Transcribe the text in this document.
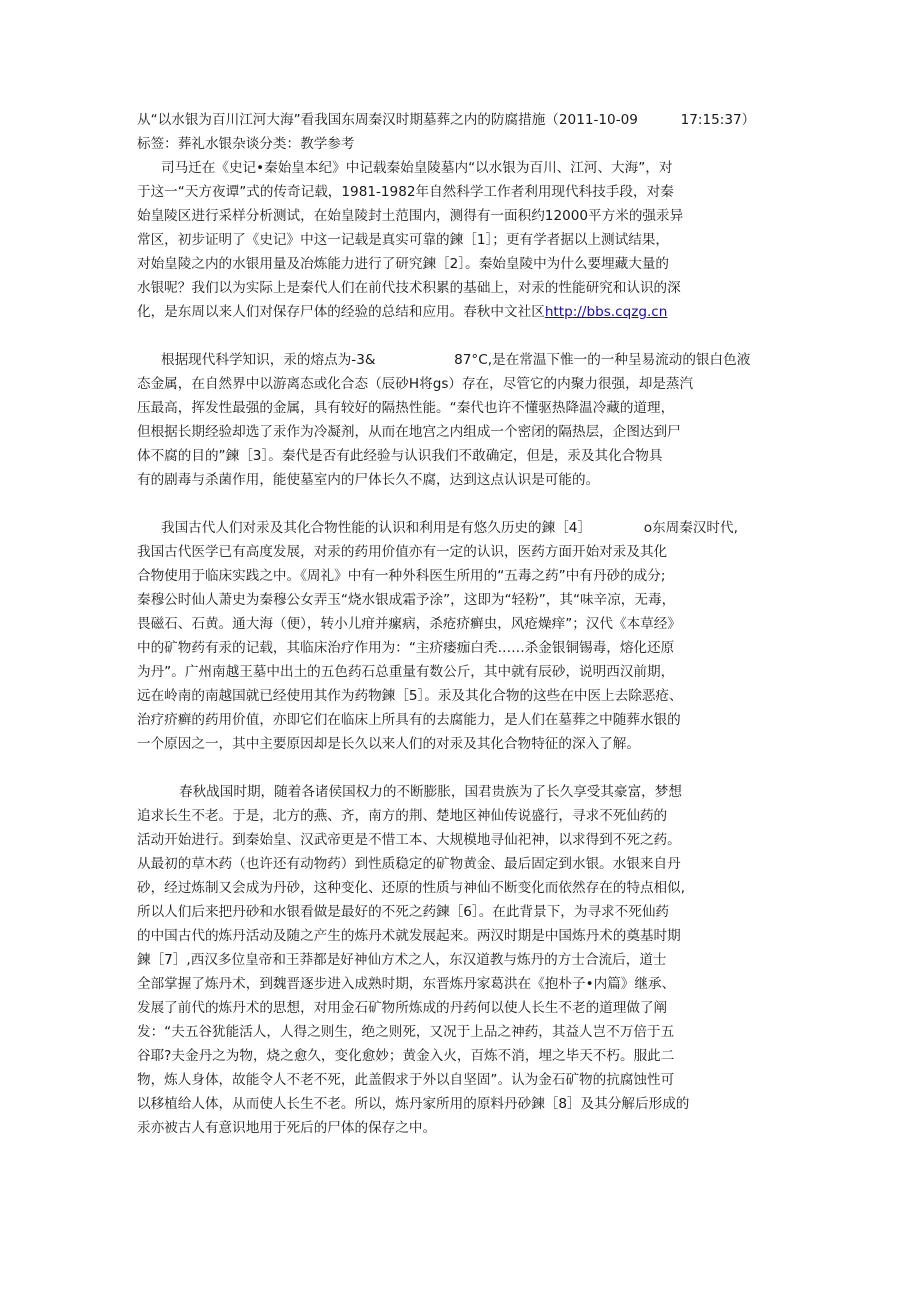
从“以水银为百川江河大海”看我国东周秦汉时期墓葬之内的防腐措施（2011-10-09	17:15:37）
标签：葬礼水银杂谈分类：教学参考
司马迁在《史记•秦始皇本纪》中记载秦始皇陵墓内“以水银为百川、江河、大海”，对
于这一“天方夜谭”式的传奇记载，1981-1982年自然科学工作者利用现代科技手段，对秦
始皇陵区进行采样分析测试，在始皇陵封土范围内，测得有一面积约12000平方米的强汞异
常区，初步证明了《史记》中这一记载是真实可靠的鍊［1］；更有学者据以上测试结果，
对始皇陵之内的水银用量及冶炼能力进行了研究鍊［2］。秦始皇陵中为什么要埋藏大量的
水银呢？我们以为实际上是秦代人们在前代技术积累的基础上，对汞的性能研究和认识的深
化，是东周以来人们对保存尸体的经验的总结和应用。春秋中文社区http://bbs.cqzg.cn
根据现代科学知识，汞的熔点为-3&	87°C,是在常温下惟一的一种呈易流动的银白色液
态金属，在自然界中以游离态或化合态（辰砂H将gs）存在，尽管它的内聚力很强，却是蒸汽
压最高，挥发性最强的金属，具有较好的隔热性能。“秦代也许不懂驱热降温冷藏的道理，
但根据长期经验却选了汞作为冷凝剂，从而在地宫之内组成一个密闭的隔热层，企图达到尸
体不腐的目的”鍊［3］。秦代是否有此经验与认识我们不敢确定，但是，汞及其化合物具
有的剧毒与杀菌作用，能使墓室内的尸体长久不腐，达到这点认识是可能的。
我国古代人们对汞及其化合物性能的认识和利用是有悠久历史的鍊［4］	o东周秦汉时代,
我国古代医学已有高度发展，对汞的药用价值亦有一定的认识，医药方面开始对汞及其化
合物使用于临床实践之中。《周礼》中有一种外科医生所用的“五毒之药”中有丹砂的成分;
秦穆公时仙人萧史为秦穆公女弄玉“烧水银成霜予涂”，这即为“轻粉”，其“味辛凉，无毒，
畏磁石、石黄。通大海（便），转小儿疳并瘰病，杀疮疥癣虫，风疮燥痒”；汉代《本草经》
中的矿物药有汞的记载，其临床治疗作用为：“主疥瘘痂白秃……杀金银铜锡毒，熔化还原
为丹”。广州南越王墓中出土的五色药石总重量有数公斤，其中就有辰砂，说明西汉前期，
远在岭南的南越国就已经使用其作为药物鍊［5］。汞及其化合物的这些在中医上去除恶疮、
治疗疥癣的药用价值，亦即它们在临床上所具有的去腐能力，是人们在墓葬之中随葬水银的
一个原因之一，其中主要原因却是长久以来人们的对汞及其化合物特征的深入了解。
春秋战国时期，随着各诸侯国权力的不断膨胀，国君贵族为了长久享受其豪富，梦想
追求长生不老。于是，北方的燕、齐，南方的荆、楚地区神仙传说盛行，寻求不死仙药的
活动开始进行。到秦始皇、汉武帝更是不惜工本、大规模地寻仙祀神，以求得到不死之药。
从最初的草木药（也许还有动物药）到性质稳定的矿物黄金、最后固定到水银。水银来自丹
砂，经过炼制又会成为丹砂，这种变化、还原的性质与神仙不断变化而依然存在的特点相似,
所以人们后来把丹砂和水银看做是最好的不死之药鍊［6］。在此背景下，为寻求不死仙药
的中国古代的炼丹活动及随之产生的炼丹术就发展起来。两汉时期是中国炼丹术的奠基时期
鍊［7］,西汉多位皇帝和王莽都是好神仙方术之人，东汉道教与炼丹的方士合流后，道士
全部掌握了炼丹术，到魏晋逐步进入成熟时期，东晋炼丹家葛洪在《抱朴子•内篇》继承、
发展了前代的炼丹术的思想，对用金石矿物所炼成的丹药何以使人长生不老的道理做了阐
发：“夫五谷犹能活人，人得之则生，绝之则死，又况于上品之神药，其益人岂不万倍于五
谷耶?夫金丹之为物，烧之愈久，变化愈妙；黄金入火，百炼不消，埋之毕天不朽。服此二
物，炼人身体，故能令人不老不死，此盖假求于外以自坚固”。认为金石矿物的抗腐蚀性可
以移植给人体，从而使人长生不老。所以，炼丹家所用的原料丹砂鍊［8］及其分解后形成的
汞亦被古人有意识地用于死后的尸体的保存之中。
